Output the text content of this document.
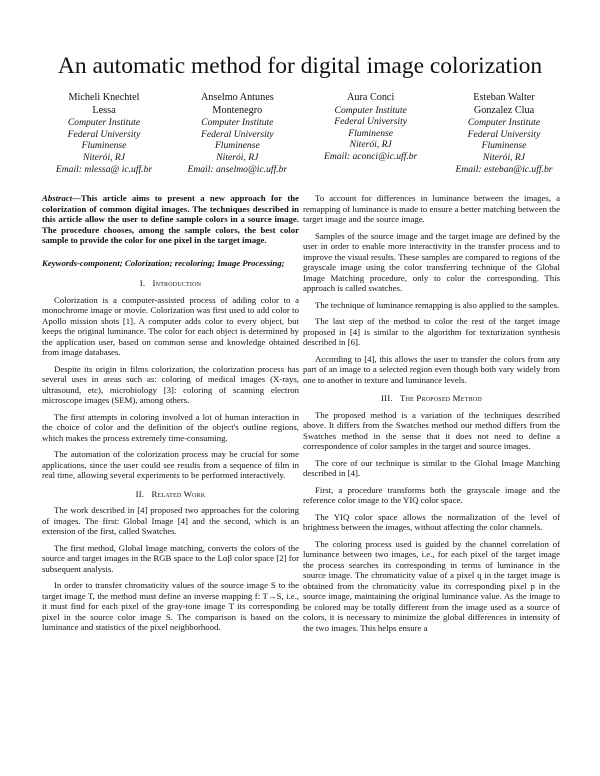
An automatic method for digital image colorization
Micheli Knechtel
Lessa
Computer Institute
Federal University
Fluminense
Niterói, RJ
Email: mlessa@ ic.uff.br
Anselmo Antunes
Montenegro
Computer Institute
Federal University
Fluminense
Niterói, RJ
Email: anselmo@ic.uff.br
Aura Conci
Computer Institute
Federal University
Fluminense
Niterói, RJ
Email: aconci@ic.uff.br
Esteban Walter
Gonzalez Clua
Computer Institute
Federal University
Fluminense
Niterói, RJ
Email: esteban@ic.uff.br

Abstract—This article aims to present a new approach for the colorization of common digital images. The techniques described in this article allow the user to define sample colors in a source image. The procedure chooses, among the sample colors, the best color sample to provide the color for one pixel in the target image.

Keywords-component; Colorization; recoloring; Image Processing;

I. Introduction

Colorization is a computer-assisted process of adding color to a monochrome image or movie. Colorization was first used to add color to Apollo mission shots [1]. A computer adds color to every object, but keeps the original luminance. The color for each object is determined by the application user, based on common sense and knowledge obtained from image databases.

Despite its origin in films colorization, the colorization process has several uses in areas such as: coloring of medical images (X-rays, ultrasound, etc), microbiology [3]: coloring of scanning electron microscope images (SEM), among others.

The first attempts in coloring involved a lot of human interaction in the choice of color and the definition of the object's outline regions, which makes the process extremely time-consuming.

The automation of the colorization process may be crucial for some applications, since the user could see results from a sequence of film in real time, allowing several experiments to be performed interactively.

II. Related Work

The work described in [4] proposed two approaches for the coloring of images. The first: Global Image [4] and the second, which is an extension of the first, called Swatches.

The first method, Global Image matching, converts the colors of the source and target images in the RGB space to the Lαβ color space [2] for subsequent analysis.

In order to transfer chromaticity values of the source image S to the target image T, the method must define an inverse mapping f: T→S, i.e., it must find for each pixel of the gray-tone image T its corresponding pixel in the source color image S. The comparison is based on the luminance and statistics of the pixel neighborhood.

To account for differences in luminance between the images, a remapping of luminance is made to ensure a better matching between the target image and the source image.

Samples of the source image and the target image are defined by the user in order to enable more interactivity in the transfer process and to improve the visual results. These samples are compared to regions of the grayscale image using the color transferring technique of the Global Image Matching procedure, only to color the corresponding. This approach is called swatches.

The technique of luminance remapping is also applied to the samples.

The last step of the method to color the rest of the target image proposed in [4] is similar to the algorithm for texturization synthesis described in [6].

According to [4], this allows the user to transfer the colors from any part of an image to a selected region even though both vary widely from one to another in texture and luminance levels.

III. The Proposed Method

The proposed method is a variation of the techniques described above. It differs from the Swatches method our method differs from the Swatches method in the sense that it does not need to define a correspondence of color samples in the target and source images.

The core of our technique is similar to the Global Image Matching described in [4].

First, a procedure transforms both the grayscale image and the reference color image to the YIQ color space.

The YIQ color space allows the normalization of the level of brightness between the images, without affecting the color channels.

The coloring process used is guided by the channel correlation of luminance between two images, i.e., for each pixel of the target image the process searches its corresponding in terms of luminance in the source image. The chromaticity value of a pixel q in the target image is obtained from the chromaticity value its corresponding pixel p in the source image, maintaining the original luminance value. As the image to be colored may be totally different from the image used as a source of colors, it is necessary to minimize the global differences in intensity of the two images. This helps ensure a
